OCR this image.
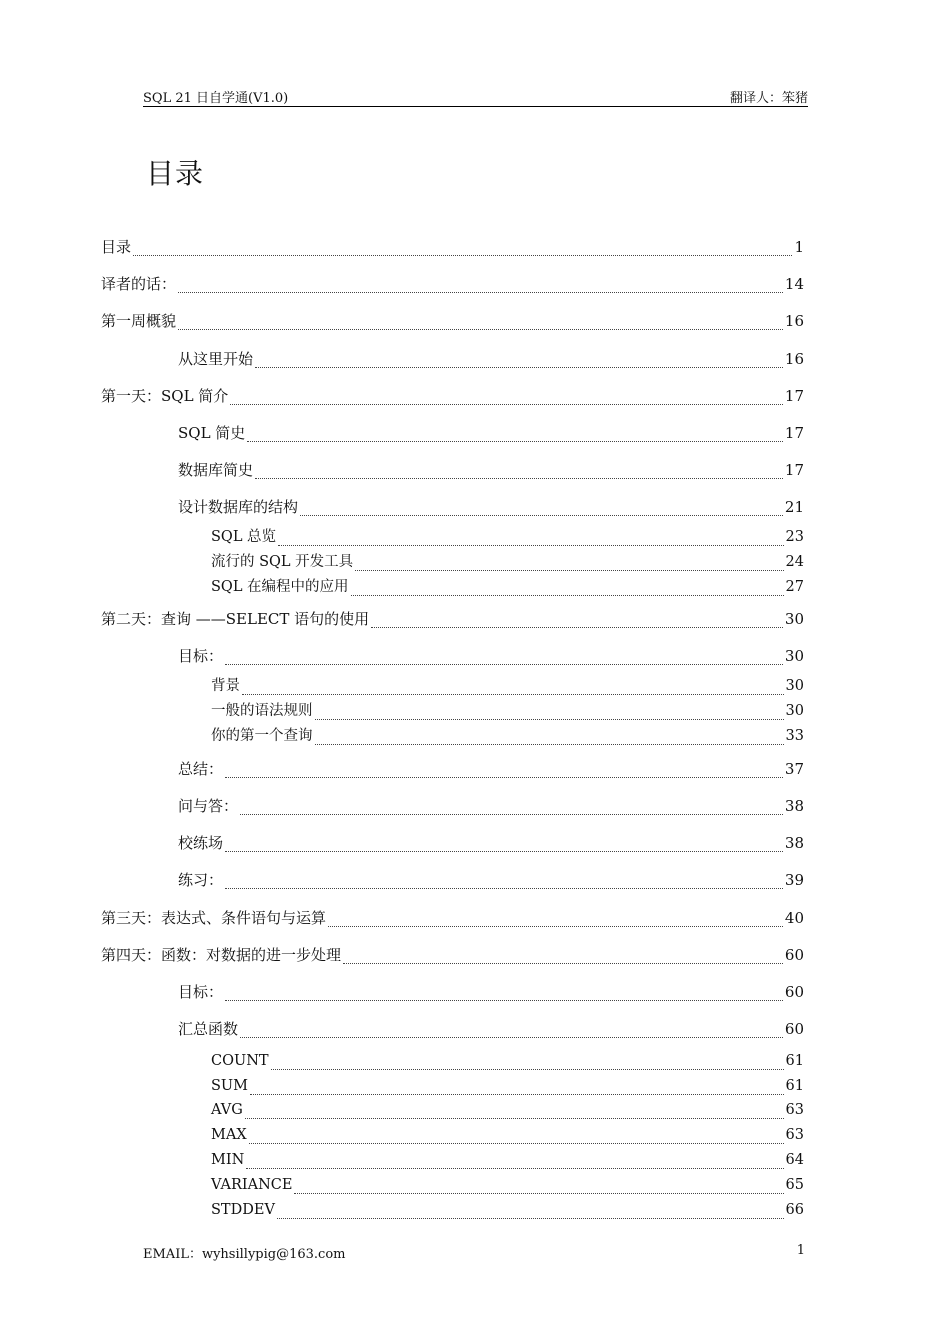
SQL 21 日自学通(V1.0)	翻译人：笨猪
目录
目录	1
译者的话：	14
第一周概貌	16
从这里开始	16
第一天：SQL 简介	17
SQL 简史	17
数据库简史	17
设计数据库的结构	21
SQL 总览	23
流行的 SQL 开发工具	24
SQL 在编程中的应用	27
第二天：查询 ——SELECT 语句的使用	30
目标：	30
背景	30
一般的语法规则	30
你的第一个查询	33
总结：	37
问与答：	38
校练场	38
练习：	39
第三天：表达式、条件语句与运算	40
第四天：函数：对数据的进一步处理	60
目标：	60
汇总函数	60
COUNT	61
SUM	61
AVG	63
MAX	63
MIN	64
VARIANCE	65
STDDEV	66
EMAIL：wyhsillypig@163.com	1
